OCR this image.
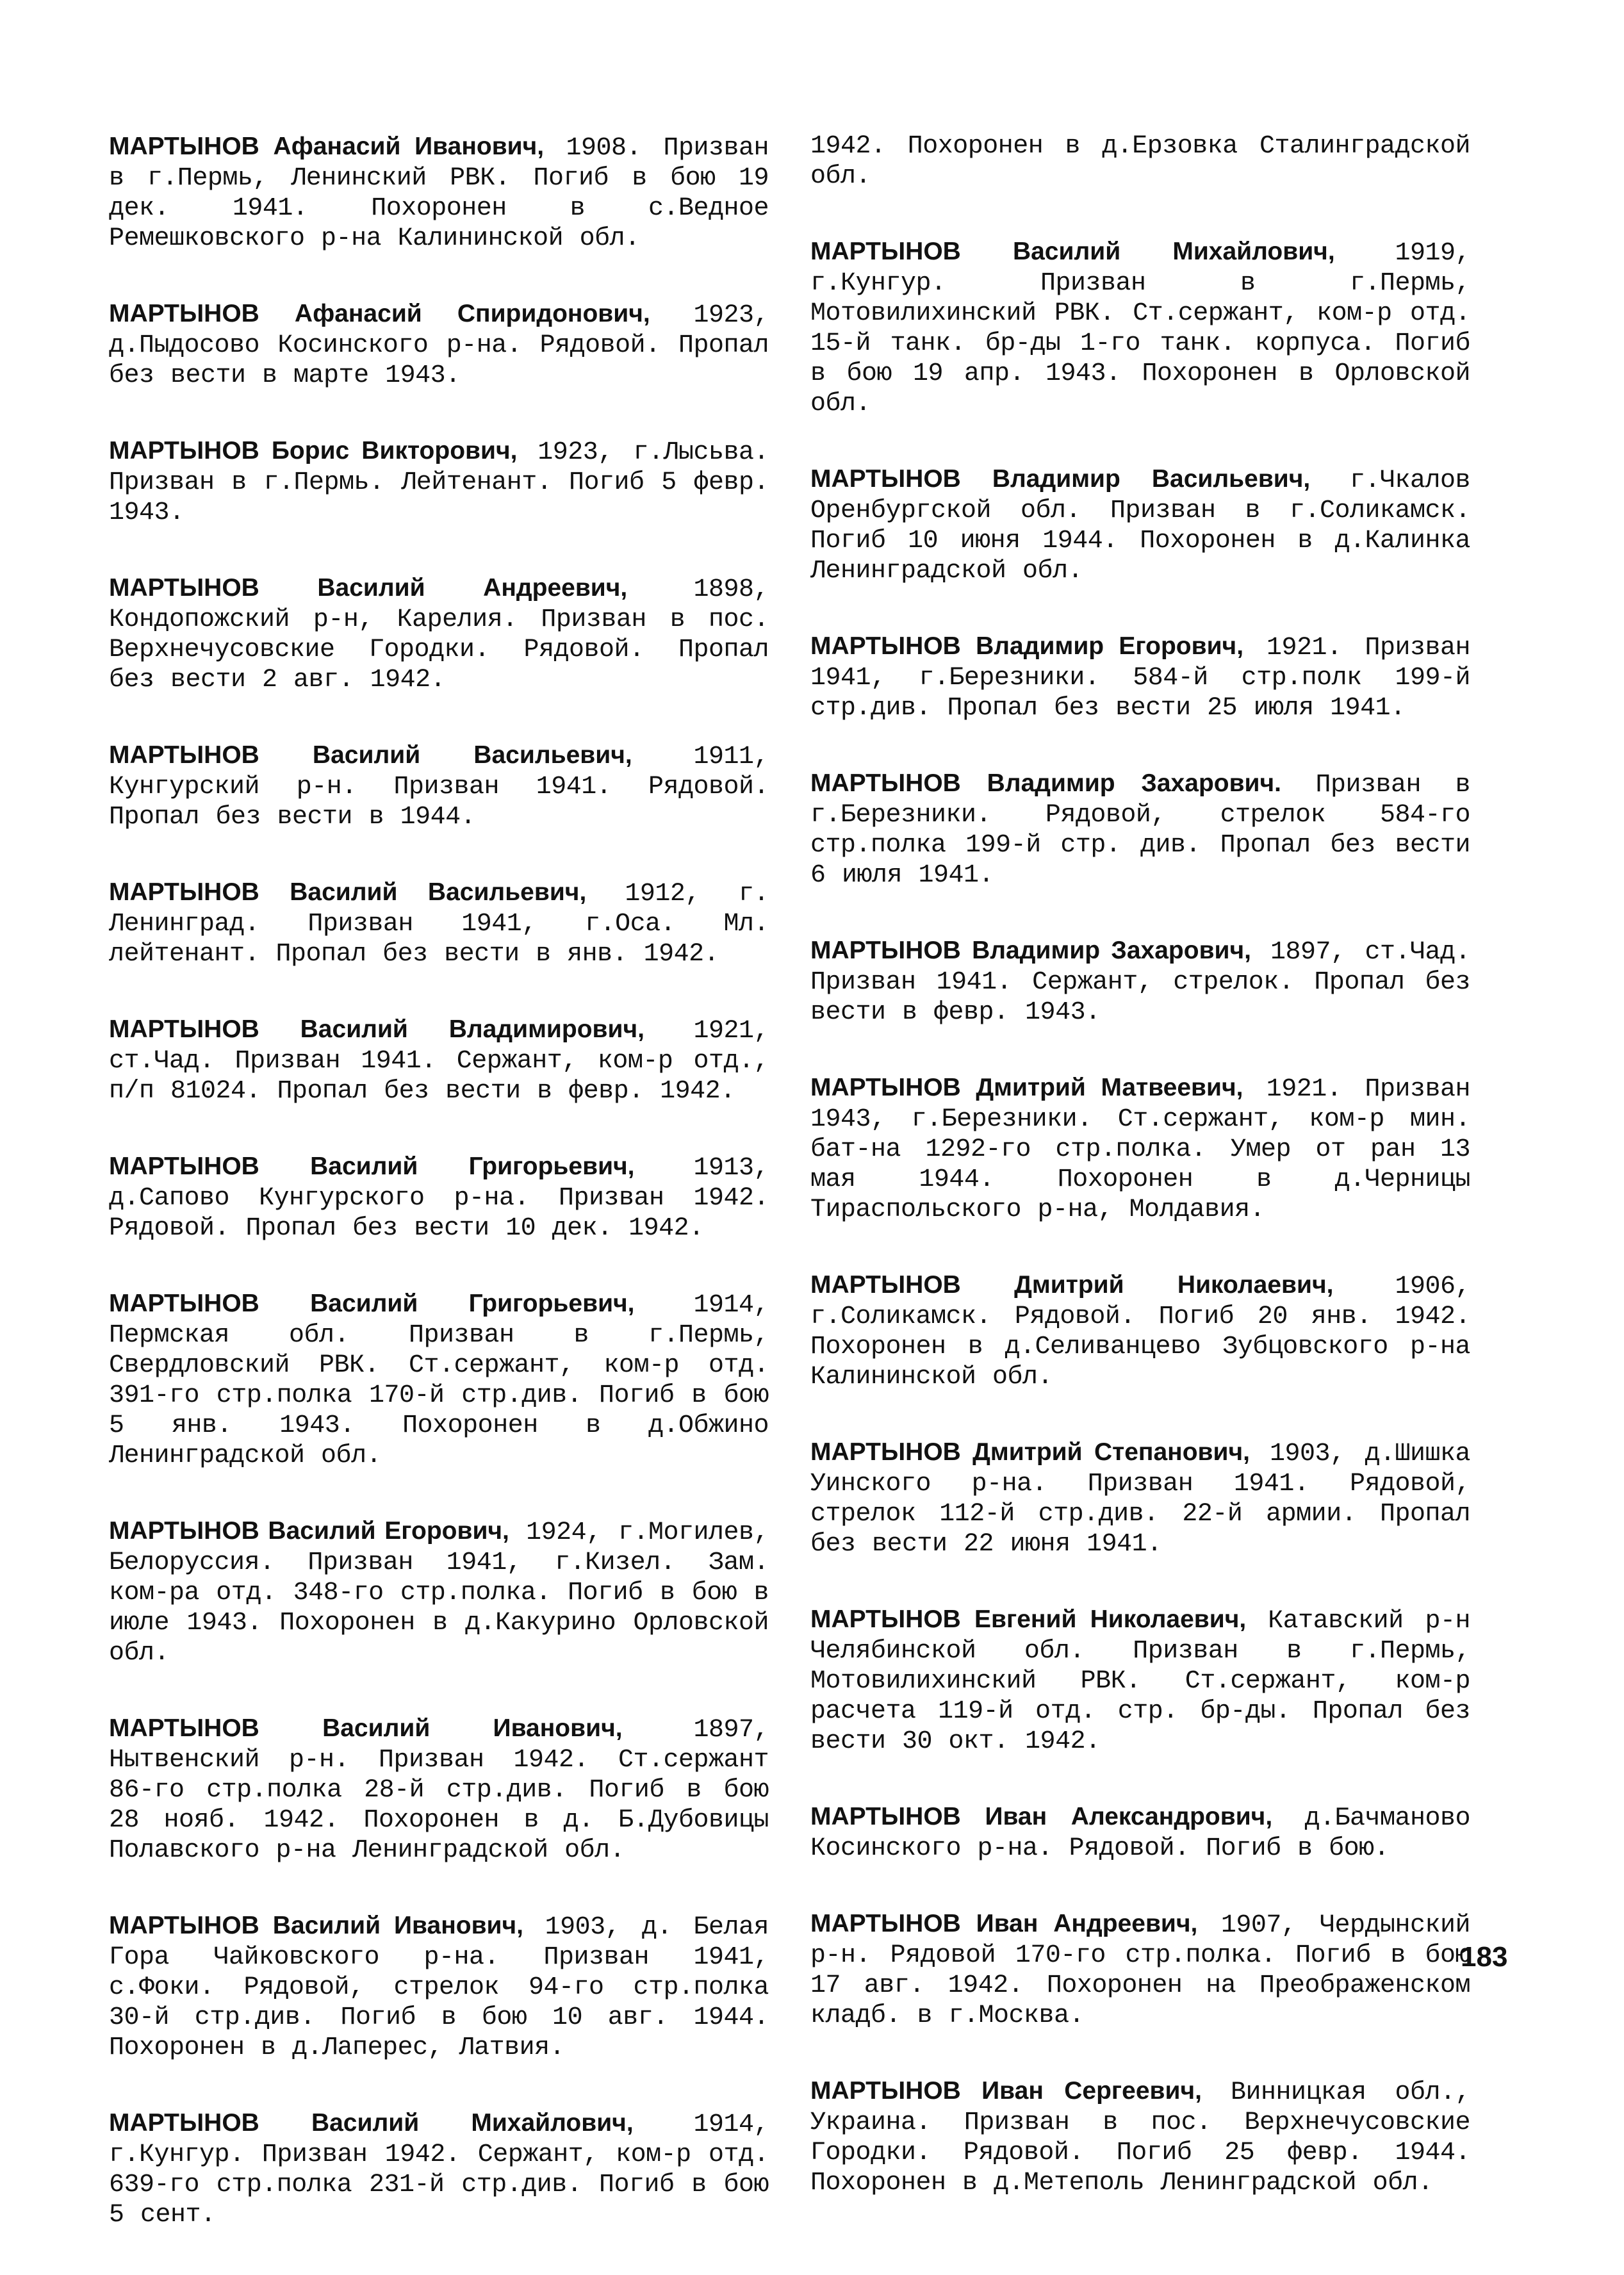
МАРТЫНОВ Афанасий Иванович, 1908. Призван в г.Пермь, Ленинский РВК. Погиб в бою 19 дек. 1941. Похоронен в с.Ведное Ремешковского р-на Калининской обл.

МАРТЫНОВ Афанасий Спиридонович, 1923, д.Пыдосово Косинского р-на. Рядовой. Пропал без вести в марте 1943.

МАРТЫНОВ Борис Викторович, 1923, г.Лысьва. Призван в г.Пермь. Лейтенант. Погиб 5 февр. 1943.

МАРТЫНОВ Василий Андреевич, 1898, Кондопожский р-н, Карелия. Призван в пос. Верхнечусовские Городки. Рядовой. Пропал без вести 2 авг. 1942.

МАРТЫНОВ Василий Васильевич, 1911, Кунгурский р-н. Призван 1941. Рядовой. Пропал без вести в 1944.

МАРТЫНОВ Василий Васильевич, 1912, г. Ленинград. Призван 1941, г.Оса. Мл. лейтенант. Пропал без вести в янв. 1942.

МАРТЫНОВ Василий Владимирович, 1921, ст.Чад. Призван 1941. Сержант, ком-р отд., п/п 81024. Пропал без вести в февр. 1942.

МАРТЫНОВ Василий Григорьевич, 1913, д.Сапово Кунгурского р-на. Призван 1942. Рядовой. Пропал без вести 10 дек. 1942.

МАРТЫНОВ Василий Григорьевич, 1914, Пермская обл. Призван в г.Пермь, Свердловский РВК. Ст.сержант, ком-р отд. 391-го стр.полка 170-й стр.див. Погиб в бою 5 янв. 1943. Похоронен в д.Обжино Ленинградской обл.

МАРТЫНОВ Василий Егорович, 1924, г.Могилев, Белоруссия. Призван 1941, г.Кизел. Зам. ком-ра отд. 348-го стр.полка. Погиб в бою в июле 1943. Похоронен в д.Какурино Орловской обл.

МАРТЫНОВ Василий Иванович, 1897, Нытвенский р-н. Призван 1942. Ст.сержант 86-го стр.полка 28-й стр.див. Погиб в бою 28 нояб. 1942. Похоронен в д. Б.Дубовицы Полавского р-на Ленинградской обл.

МАРТЫНОВ Василий Иванович, 1903, д. Белая Гора Чайковского р-на. Призван 1941, с.Фоки. Рядовой, стрелок 94-го стр.полка 30-й стр.див. Погиб в бою 10 авг. 1944. Похоронен в д.Лаперес, Латвия.

МАРТЫНОВ Василий Михайлович, 1914, г.Кунгур. Призван 1942. Сержант, ком-р отд. 639-го стр.полка 231-й стр.див. Погиб в бою 5 сент.

1942. Похоронен в д.Ерзовка Сталинградской обл.

МАРТЫНОВ Василий Михайлович, 1919, г.Кунгур. Призван в г.Пермь, Мотовилихинский РВК. Ст.сержант, ком-р отд. 15-й танк. бр-ды 1-го танк. корпуса. Погиб в бою 19 апр. 1943. Похоронен в Орловской обл.

МАРТЫНОВ Владимир Васильевич, г.Чкалов Оренбургской обл. Призван в г.Соликамск. Погиб 10 июня 1944. Похоронен в д.Калинка Ленинградской обл.

МАРТЫНОВ Владимир Егорович, 1921. Призван 1941, г.Березники. 584-й стр.полк 199-й стр.див. Пропал без вести 25 июля 1941.

МАРТЫНОВ Владимир Захарович. Призван в г.Березники. Рядовой, стрелок 584-го стр.полка 199-й стр. див. Пропал без вести 6 июля 1941.

МАРТЫНОВ Владимир Захарович, 1897, ст.Чад. Призван 1941. Сержант, стрелок. Пропал без вести в февр. 1943.

МАРТЫНОВ Дмитрий Матвеевич, 1921. Призван 1943, г.Березники. Ст.сержант, ком-р мин. бат-на 1292-го стр.полка. Умер от ран 13 мая 1944. Похоронен в д.Черницы Тираспольского р-на, Молдавия.

МАРТЫНОВ Дмитрий Николаевич, 1906, г.Соликамск. Рядовой. Погиб 20 янв. 1942. Похоронен в д.Селиванцево Зубцовского р-на Калининской обл.

МАРТЫНОВ Дмитрий Степанович, 1903, д.Шишка Уинского р-на. Призван 1941. Рядовой, стрелок 112-й стр.див. 22-й армии. Пропал без вести 22 июня 1941.

МАРТЫНОВ Евгений Николаевич, Катавский р-н Челябинской обл. Призван в г.Пермь, Мотовилихинский РВК. Ст.сержант, ком-р расчета 119-й отд. стр. бр-ды. Пропал без вести 30 окт. 1942.

МАРТЫНОВ Иван Александрович, д.Бачманово Косинского р-на. Рядовой. Погиб в бою.

МАРТЫНОВ Иван Андреевич, 1907, Чердынский р-н. Рядовой 170-го стр.полка. Погиб в бою 17 авг. 1942. Похоронен на Преображенском кладб. в г.Москва.

МАРТЫНОВ Иван Сергеевич, Винницкая обл., Украина. Призван в пос. Верхнечусовские Городки. Рядовой. Погиб 25 февр. 1944. Похоронен в д.Метеполь Ленинградской обл.

183
